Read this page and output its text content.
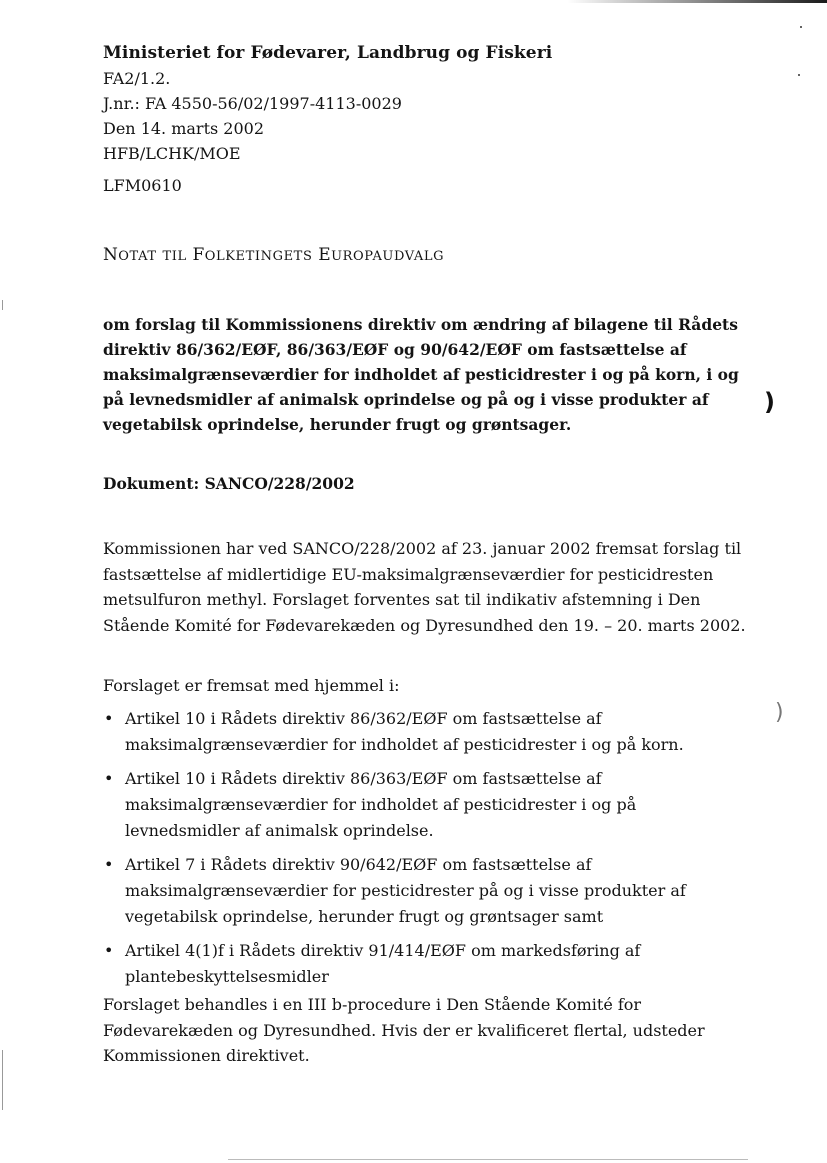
)
)
Ministeriet for Fødevarer, Landbrug og Fiskeri
FA2/1.2.
J.nr.: FA 4550-56/02/1997-4113-0029
Den 14. marts 2002
HFB/LCHK/MOE
LFM0610
NOTAT TIL FOLKETINGETS EUROPAUDVALG
om forslag til Kommissionens direktiv om ændring af bilagene til Rådets direktiv 86/362/EØF, 86/363/EØF og 90/642/EØF om fastsættelse af maksimalgrænseværdier for indholdet af pesticidrester i og på korn, i og på levnedsmidler af animalsk oprindelse og på og i visse produkter af vegetabilsk oprindelse, herunder frugt og grøntsager.
Dokument: SANCO/228/2002
Kommissionen har ved SANCO/228/2002 af 23. januar 2002 fremsat forslag til fastsættelse af midlertidige EU-maksimalgrænseværdier for pesticidresten metsulfuron methyl. Forslaget forventes sat til indikativ afstemning i Den Stående Komité for Fødevarekæden og Dyresundhed den 19. – 20. marts 2002.
Forslaget er fremsat med hjemmel i:
• Artikel 10 i Rådets direktiv 86/362/EØF om fastsættelse af maksimalgrænseværdier for indholdet af pesticidrester i og på korn.
• Artikel 10 i Rådets direktiv 86/363/EØF om fastsættelse af maksimalgrænseværdier for indholdet af pesticidrester i og på levnedsmidler af animalsk oprindelse.
• Artikel 7 i Rådets direktiv 90/642/EØF om fastsættelse af maksimalgrænseværdier for pesticidrester på og i visse produkter af vegetabilsk oprindelse, herunder frugt og grøntsager samt
• Artikel 4(1)f i Rådets direktiv 91/414/EØF om markedsføring af plantebeskyttelsesmidler
Forslaget behandles i en III b-procedure i Den Stående Komité for Fødevarekæden og Dyresundhed. Hvis der er kvalificeret flertal, udsteder Kommissionen direktivet.
